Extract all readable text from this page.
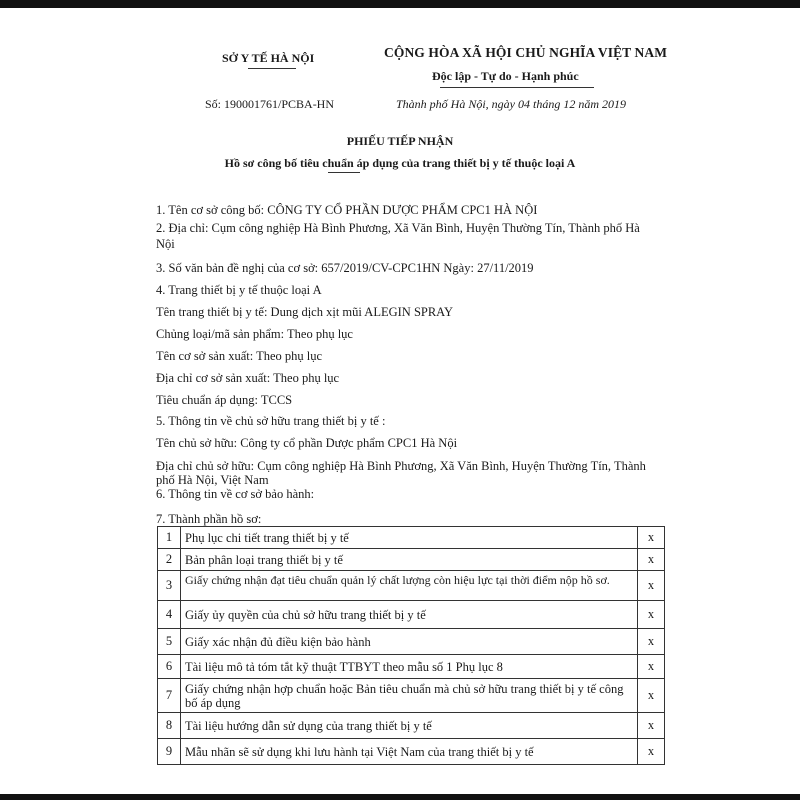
SỞ Y TẾ HÀ NỘI	CỘNG HÒA XÃ HỘI CHỦ NGHĨA VIỆT NAM
Độc lập - Tự do - Hạnh phúc
Số: 190001761/PCBA-HN	Thành phố Hà Nội, ngày 04 tháng 12 năm 2019
PHIẾU TIẾP NHẬN
Hồ sơ công bố tiêu chuẩn áp dụng của trang thiết bị y tế thuộc loại A
1. Tên cơ sở công bố: CÔNG TY CỔ PHẦN DƯỢC PHẨM CPC1 HÀ NỘI
2. Địa chỉ: Cụm công nghiệp Hà Bình Phương, Xã Văn Bình, Huyện Thường Tín, Thành phố Hà
Nội
3. Số văn bản đề nghị của cơ sở: 657/2019/CV-CPC1HN Ngày: 27/11/2019
4. Trang thiết bị y tế thuộc loại A
Tên trang thiết bị y tế: Dung dịch xịt mũi ALEGIN SPRAY
Chủng loại/mã sản phẩm: Theo phụ lục
Tên cơ sở sản xuất: Theo phụ lục
Địa chỉ cơ sở sản xuất: Theo phụ lục
Tiêu chuẩn áp dụng: TCCS
5. Thông tin về chủ sở hữu trang thiết bị y tế :
Tên chủ sở hữu: Công ty cổ phần Dược phẩm CPC1 Hà Nội
Địa chỉ chủ sở hữu: Cụm công nghiệp Hà Bình Phương, Xã Văn Bình, Huyện Thường Tín, Thành
phố Hà Nội, Việt Nam
6. Thông tin về cơ sở bảo hành:
7. Thành phần hồ sơ:
1	Phụ lục chi tiết trang thiết bị y tế	x
2	Bản phân loại trang thiết bị y tế	x
3	Giấy chứng nhận đạt tiêu chuẩn quản lý chất lượng còn hiệu lực tại thời điểm nộp hồ sơ.	x
4	Giấy ủy quyền của chủ sở hữu trang thiết bị y tế	x
5	Giấy xác nhận đủ điều kiện bảo hành	x
6	Tài liệu mô tả tóm tắt kỹ thuật TTBYT theo mẫu số 1 Phụ lục 8	x
7	Giấy chứng nhận hợp chuẩn hoặc Bản tiêu chuẩn mà chủ sở hữu trang thiết bị y tế công bố áp dụng	x
8	Tài liệu hướng dẫn sử dụng của trang thiết bị y tế	x
9	Mẫu nhãn sẽ sử dụng khi lưu hành tại Việt Nam của trang thiết bị y tế	x
